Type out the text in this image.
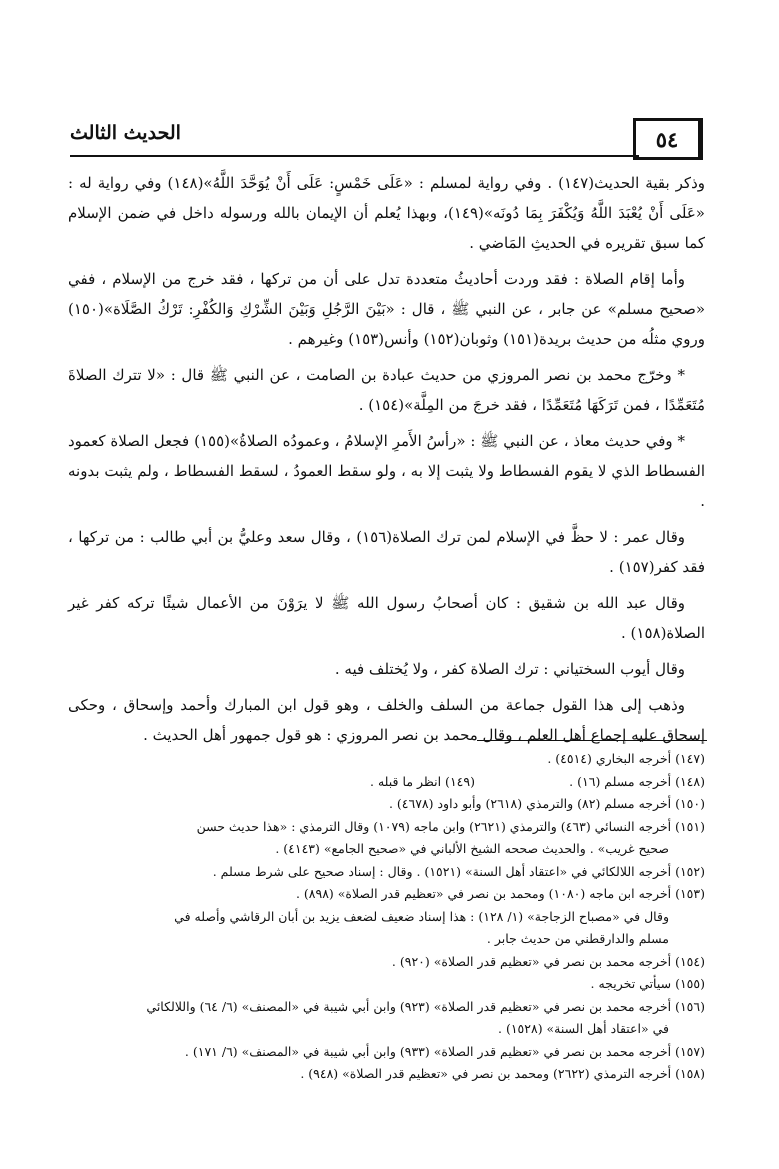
الحديث الثالث	٥٤

وذكر بقية الحديث(١٤٧) . وفي رواية لمسلم : «عَلَى خَمْسٍ: عَلَى أَنْ يُوَحَّدَ اللَّهُ»(١٤٨) وفي رواية له : «عَلَى أَنْ يُعْبَدَ اللَّهُ وَيُكْفَرَ بِمَا دُونَه»(١٤٩)، وبهذا يُعلم أن الإيمان بالله ورسوله داخل في ضمن الإسلام كما سبق تقريره في الحديثِ المَاضي .

وأما إقام الصلاة : فقد وردت أحاديثُ متعددة تدل على أن من تركها ، فقد خرج من الإسلام ، ففي «صحيح مسلم» عن جابر ، عن النبي ﷺ ، قال : «بَيْنَ الرَّجُلِ وَبَيْنَ الشِّرْكِ وَالكُفْرِ: تَرْكُ الصَّلَاة»(١٥٠) وروي مثلُه من حديث بريدة(١٥١) وثوبان(١٥٢) وأنس(١٥٣) وغيرهم .

* وخرّج محمد بن نصر المروزي من حديث عبادة بن الصامت ، عن النبي ﷺ قال : «لا تترك الصلاةَ مُتَعَمِّدًا ، فمن تَرَكَهَا مُتَعَمِّدًا ، فقد خرجَ من المِلَّة»(١٥٤) .

* وفي حديث معاذ ، عن النبي ﷺ : «رأسُ الأَمرِ الإسلامُ ، وعمودُه الصلاةُ»(١٥٥) فجعل الصلاة كعمود الفسطاط الذي لا يقوم الفسطاط ولا يثبت إلا به ، ولو سقط العمودُ ، لسقط الفسطاط ، ولم يثبت بدونه .

وقال عمر : لا حظَّ في الإسلام لمن ترك الصلاة(١٥٦) ، وقال سعد وعليُّ بن أبي طالب : من تركها ، فقد كفر(١٥٧) .

وقال عبد الله بن شقيق : كان أصحابُ رسول الله ﷺ لا يرَوْنَ من الأعمال شيئًا تركه كفر غير الصلاة(١٥٨) .

وقال أيوب السختياني : ترك الصلاة كفر ، ولا يُختلف فيه .

وذهب إلى هذا القول جماعة من السلف والخلف ، وهو قول ابن المبارك وأحمد وإسحاق ، وحكى إسحاق عليه إجماع أهل العلم ، وقال محمد بن نصر المروزي : هو قول جمهور أهل الحديث .

(١٤٧) أخرجه البخاري (٤٥١٤) .

(١٤٨) أخرجه مسلم (١٦) .

(١٤٩) انظر ما قبله .

(١٥٠) أخرجه مسلم (٨٢) والترمذي (٢٦١٨) وأبو داود (٤٦٧٨) .

(١٥١) أخرجه النسائي (٤٦٣) والترمذي (٢٦٢١) وابن ماجه (١٠٧٩) وقال الترمذي : «هذا حديث حسن

صحيح غريب» . والحديث صححه الشيخ الألباني في «صحيح الجامع» (٤١٤٣) .

(١٥٢) أخرجه اللالكائي في «اعتقاد أهل السنة» (١٥٢١) . وقال : إسناد صحيح على شرط مسلم .

(١٥٣) أخرجه ابن ماجه (١٠٨٠) ومحمد بن نصر في «تعظيم قدر الصلاة» (٨٩٨) .

وقال في «مصباح الزجاجة» (١/ ١٢٨) : هذا إسناد ضعيف لضعف يزيد بن أبان الرقاشي وأصله في

مسلم والدارقطني من حديث جابر .

(١٥٤) أخرجه محمد بن نصر في «تعظيم قدر الصلاة» (٩٢٠) .

(١٥٥) سيأتي تخريجه .

(١٥٦) أخرجه محمد بن نصر في «تعظيم قدر الصلاة» (٩٢٣) وابن أبي شيبة في «المصنف» (٦/ ٦٤) واللالكائي

في «اعتقاد أهل السنة» (١٥٢٨) .

(١٥٧) أخرجه محمد بن نصر في «تعظيم قدر الصلاة» (٩٣٣) وابن أبي شيبة في «المصنف» (٦/ ١٧١) .

(١٥٨) أخرجه الترمذي (٢٦٢٢) ومحمد بن نصر في «تعظيم قدر الصلاة» (٩٤٨) .
